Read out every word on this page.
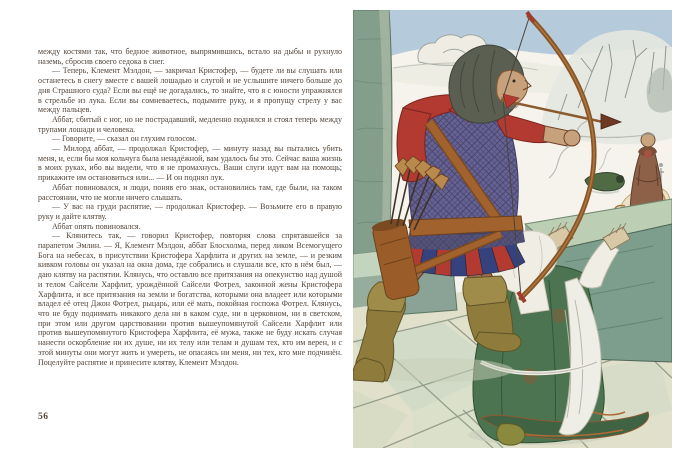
между костями так, что бедное животное, выпрямившись, встало на дыбы и рухнуло наземь, сбросив своего седока в снег.

— Теперь, Клемент Мэлдон, — закричал Кристофер, — будете ли вы слушать или останетесь в снегу вместе с вашей лошадью и слугой и не услышите ничего больше до дня Страшного суда? Если вы ещё не догадались, то знайте, что я с юности упражнялся в стрельбе из лука. Если вы сомневаетесь, подымите руку, и я пропущу стрелу у вас между пальцев.

Аббат, сбитый с ног, но не пострадавший, медленно поднялся и стоял теперь между трупами лошади и человека.

— Говорите, — сказал он глухим голосом.

— Милорд аббат, — продолжал Кристофер, — минуту назад вы пытались убить меня, и, если бы моя кольчуга была ненадёжной, вам удалось бы это. Сейчас ваша жизнь в моих руках, ибо вы видели, что я не промахнусь. Ваши слуги идут вам на помощь; прикажите им остановиться или... — И он поднял лук.

Аббат повиновался, и люди, поняв его знак, остановились там, где были, на таком расстоянии, что не могли ничего слышать.

— У вас на груди распятие, — продолжал Кристофер. — Возьмите его в правую руку и дайте клятву.

Аббат опять повиновался.

— Клянитесь так, — говорил Кристофер, повторяя слова спрятавшейся за парапетом Эмлин. — Я, Клемент Мэлдон, аббат Блосхолма, перед ликом Всемогущего Бога на небесах, в присутствии Кристофера Харфлита и других на земле, — и резким кивком головы он указал на окна дома, где собрались и слушали все, кто в нём был, — даю клятву на распятии. Клянусь, что оставлю все притязания на опекунство над душой и телом Сайсели Харфлит, урождённой Сайсели Фотрел, законной жены Кристофера Харфлита, и все притязания на земли и богатства, которыми она владеет или которыми владел её отец Джон Фотрел, рыцарь, или её мать, покойная госпожа Фотрел. Клянусь, что не буду поднимать никакого дела ни в каком суде, ни в церковном, ни в светском, при этом или другом царствовании против вышеупомянутой Сайсели Харфлит или против вышеупомянутого Кристофера Харфлита, её мужа, также не буду искать случая нанести оскорбление ни их душе, ни их телу или телам и душам тех, кто им верен, и с этой минуты они могут жить и умереть, не опасаясь ни меня, ни тех, кто мне подчинён. Поцелуйте распятие и принесите клятву, Клемент Мэлдон.

56
